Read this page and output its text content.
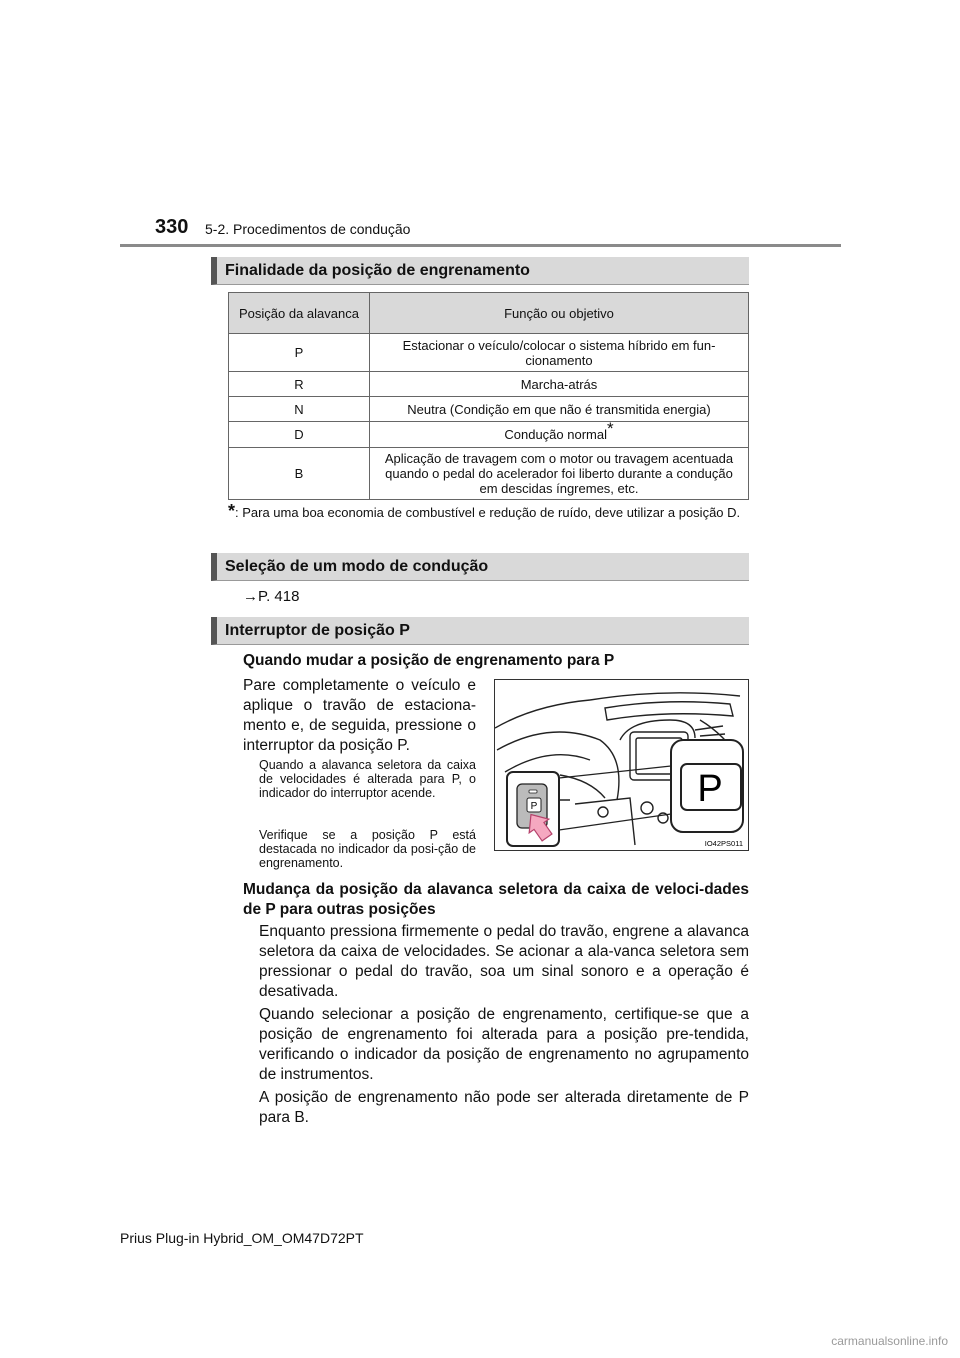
330 5-2. Procedimentos de condução
Finalidade da posição de engrenamento
Posição da alavanca	Função ou objetivo
P	Estacionar o veículo/colocar o sistema híbrido em fun-cionamento
R	Marcha-atrás
N	Neutra (Condição em que não é transmitida energia)
D	Condução normal*
B	Aplicação de travagem com o motor ou travagem acentuada quando o pedal do acelerador foi liberto durante a condução em descidas íngremes, etc.
*: Para uma boa economia de combustível e redução de ruído, deve utilizar a posição D.
Seleção de um modo de condução
→P. 418
Interruptor de posição P
Quando mudar a posição de engrenamento para P
Pare completamente o veículo e aplique o travão de estaciona-mento e, de seguida, pressione o interruptor da posição P.
Quando a alavanca seletora da caixa de velocidades é alterada para P, o indicador do interruptor acende.
Verifique se a posição P está destacada no indicador da posi-ção de engrenamento.
P	P
IO42PS011
Mudança da posição da alavanca seletora da caixa de veloci-dades de P para outras posições
Enquanto pressiona firmemente o pedal do travão, engrene a alavanca seletora da caixa de velocidades. Se acionar a ala-vanca seletora sem pressionar o pedal do travão, soa um sinal sonoro e a operação é desativada.
Quando selecionar a posição de engrenamento, certifique-se que a posição de engrenamento foi alterada para a posição pre-tendida, verificando o indicador da posição de engrenamento no agrupamento de instrumentos.
A posição de engrenamento não pode ser alterada diretamente de P para B.
Prius Plug-in Hybrid_OM_OM47D72PT
carmanualsonline.info
